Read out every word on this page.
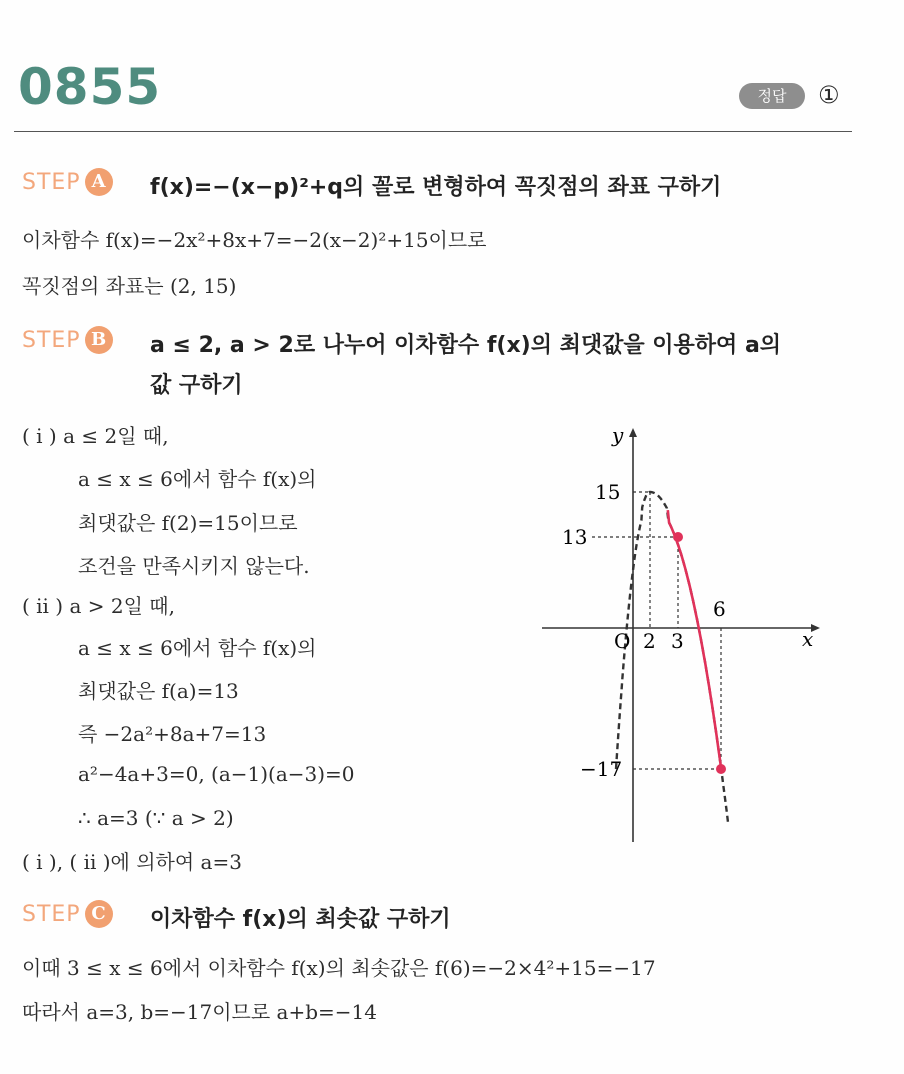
0855	정답	①
STEP A	f(x)=−(x−p)²+q의 꼴로 변형하여 꼭짓점의 좌표 구하기
이차함수 f(x)=−2x²+8x+7=−2(x−2)²+15이므로
꼭짓점의 좌표는 (2, 15)
STEP B a ≤ 2, a > 2로 나누어 이차함수 f(x)의 최댓값을 이용하여 a의
값 구하기
( i ) a ≤ 2일 때,
a ≤ x ≤ 6에서 함수 f(x)의
최댓값은 f(2)=15이므로
조건을 만족시키지 않는다.
( ii ) a > 2일 때,
a ≤ x ≤ 6에서 함수 f(x)의
최댓값은 f(a)=13
즉 −2a²+8a+7=13
a²−4a+3=0, (a−1)(a−3)=0
∴ a=3 (∵ a > 2)
( i ), ( ii )에 의하여 a=3
y
x
O
15
13
−17
2 3
6
STEP C	이차함수 f(x)의 최솟값 구하기
이때 3 ≤ x ≤ 6에서 이차함수 f(x)의 최솟값은 f(6)=−2×4²+15=−17
따라서 a=3, b=−17이므로 a+b=−14
